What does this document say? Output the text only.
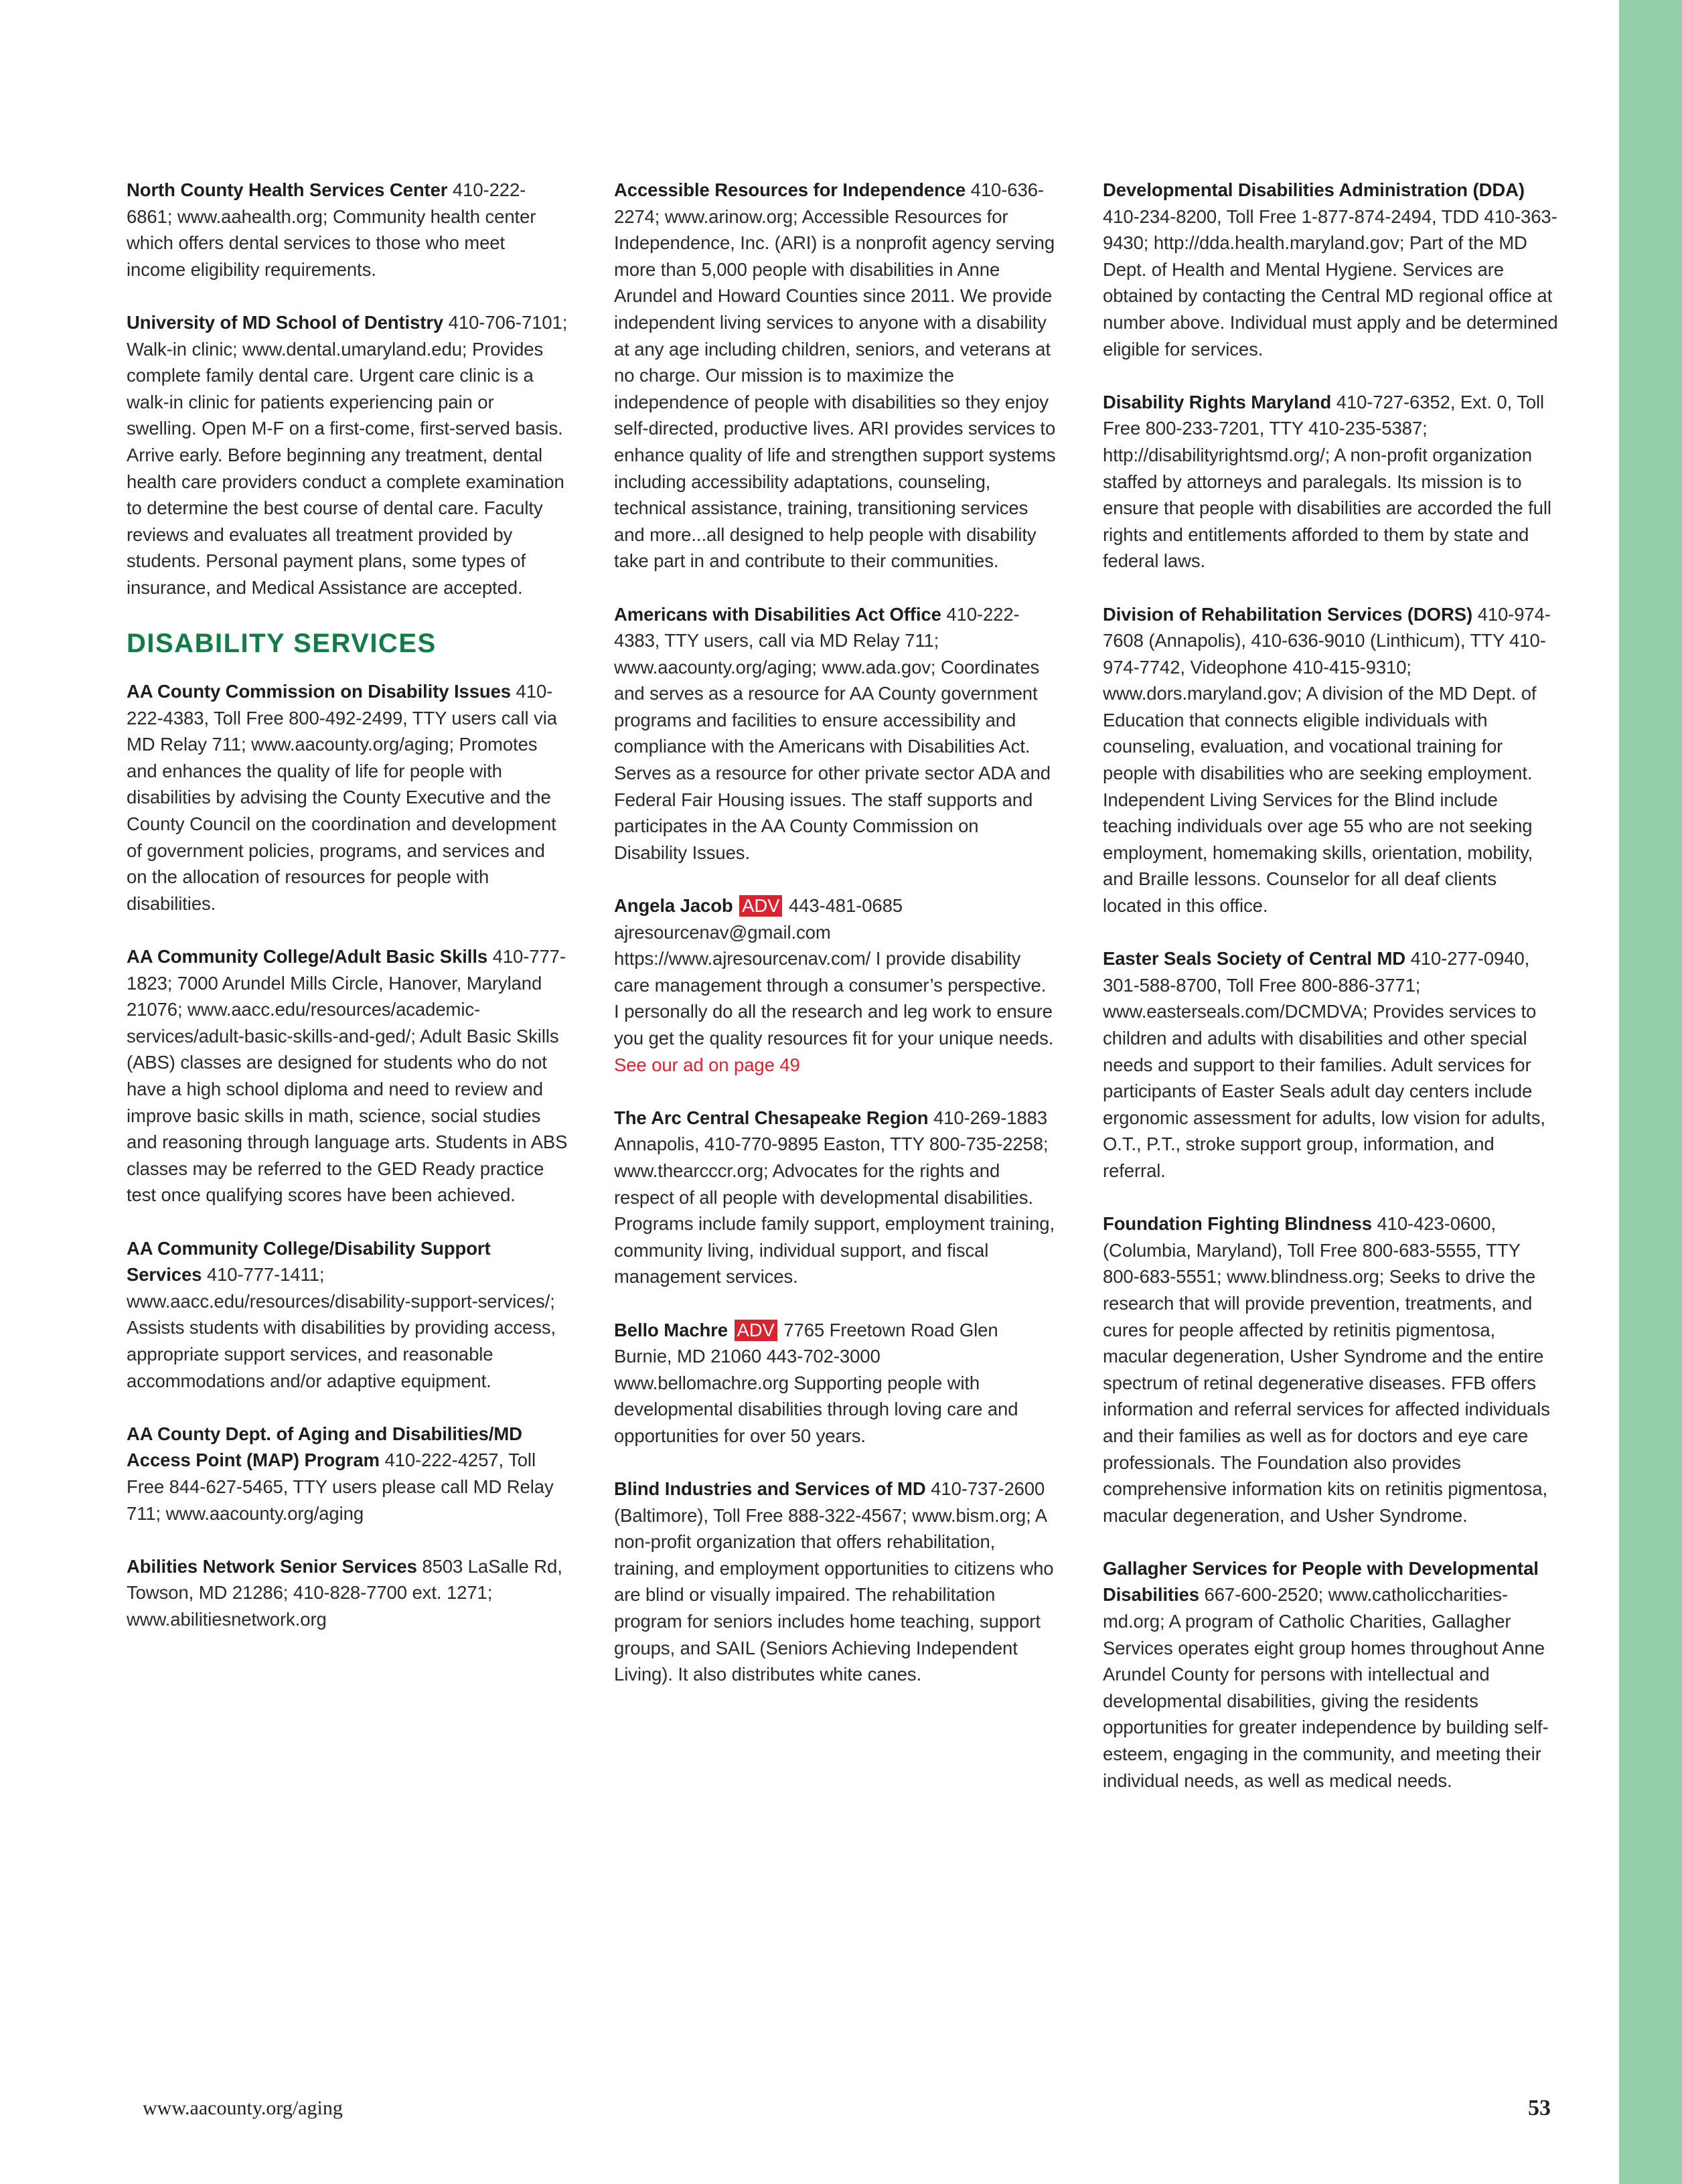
North County Health Services Center 410-222-6861; www.aahealth.org; Community health center which offers dental services to those who meet income eligibility requirements.

University of MD School of Dentistry 410-706-7101; Walk-in clinic; www.dental.umaryland.edu; Provides complete family dental care. Urgent care clinic is a walk-in clinic for patients experiencing pain or swelling. Open M-F on a first-come, first-served basis. Arrive early. Before beginning any treatment, dental health care providers conduct a complete examination to determine the best course of dental care. Faculty reviews and evaluates all treatment provided by students. Personal payment plans, some types of insurance, and Medical Assistance are accepted.

DISABILITY SERVICES

AA County Commission on Disability Issues 410-222-4383, Toll Free 800-492-2499, TTY users call via MD Relay 711; www.aacounty.org/aging; Promotes and enhances the quality of life for people with disabilities by advising the County Executive and the County Council on the coordination and development of government policies, programs, and services and on the allocation of resources for people with disabilities.

AA Community College/Adult Basic Skills 410-777-1823; 7000 Arundel Mills Circle, Hanover, Maryland 21076; www.aacc.edu/resources/academic-services/adult-basic-skills-and-ged/; Adult Basic Skills (ABS) classes are designed for students who do not have a high school diploma and need to review and improve basic skills in math, science, social studies and reasoning through language arts. Students in ABS classes may be referred to the GED Ready practice test once qualifying scores have been achieved.

AA Community College/Disability Support Services 410-777-1411; www.aacc.edu/resources/disability-support-services/; Assists students with disabilities by providing access, appropriate support services, and reasonable accommodations and/or adaptive equipment.

AA County Dept. of Aging and Disabilities/MD Access Point (MAP) Program 410-222-4257, Toll Free 844-627-5465, TTY users please call MD Relay 711; www.aacounty.org/aging

Abilities Network Senior Services 8503 LaSalle Rd, Towson, MD 21286; 410-828-7700 ext. 1271; www.abilitiesnetwork.org

Accessible Resources for Independence 410-636-2274; www.arinow.org; Accessible Resources for Independence, Inc. (ARI) is a nonprofit agency serving more than 5,000 people with disabilities in Anne Arundel and Howard Counties since 2011. We provide independent living services to anyone with a disability at any age including children, seniors, and veterans at no charge. Our mission is to maximize the independence of people with disabilities so they enjoy self-directed, productive lives. ARI provides services to enhance quality of life and strengthen support systems including accessibility adaptations, counseling, technical assistance, training, transitioning services and more...all designed to help people with disability take part in and contribute to their communities.

Americans with Disabilities Act Office 410-222-4383, TTY users, call via MD Relay 711; www.aacounty.org/aging; www.ada.gov; Coordinates and serves as a resource for AA County government programs and facilities to ensure accessibility and compliance with the Americans with Disabilities Act. Serves as a resource for other private sector ADA and Federal Fair Housing issues. The staff supports and participates in the AA County Commission on Disability Issues.

Angela Jacob ADV 443-481-0685 ajresourcenav@gmail.com https://www.ajresourcenav.com/ I provide disability care management through a consumer’s perspective. I personally do all the research and leg work to ensure you get the quality resources fit for your unique needs. See our ad on page 49

The Arc Central Chesapeake Region 410-269-1883 Annapolis, 410-770-9895 Easton, TTY 800-735-2258; www.thearcccr.org; Advocates for the rights and respect of all people with developmental disabilities. Programs include family support, employment training, community living, individual support, and fiscal management services.

Bello Machre ADV 7765 Freetown Road Glen Burnie, MD 21060 443-702-3000 www.bellomachre.org Supporting people with developmental disabilities through loving care and opportunities for over 50 years.

Blind Industries and Services of MD 410-737-2600 (Baltimore), Toll Free 888-322-4567; www.bism.org; A non-profit organization that offers rehabilitation, training, and employment opportunities to citizens who are blind or visually impaired. The rehabilitation program for seniors includes home teaching, support groups, and SAIL (Seniors Achieving Independent Living). It also distributes white canes.

Developmental Disabilities Administration (DDA) 410-234-8200, Toll Free 1-877-874-2494, TDD 410-363-9430; http://dda.health.maryland.gov; Part of the MD Dept. of Health and Mental Hygiene. Services are obtained by contacting the Central MD regional office at number above. Individual must apply and be determined eligible for services.

Disability Rights Maryland 410-727-6352, Ext. 0, Toll Free 800-233-7201, TTY 410-235-5387; http://disabilityrightsmd.org/; A non-profit organization staffed by attorneys and paralegals. Its mission is to ensure that people with disabilities are accorded the full rights and entitlements afforded to them by state and federal laws.

Division of Rehabilitation Services (DORS) 410-974-7608 (Annapolis), 410-636-9010 (Linthicum), TTY 410-974-7742, Videophone 410-415-9310; www.dors.maryland.gov; A division of the MD Dept. of Education that connects eligible individuals with counseling, evaluation, and vocational training for people with disabilities who are seeking employment. Independent Living Services for the Blind include teaching individuals over age 55 who are not seeking employment, homemaking skills, orientation, mobility, and Braille lessons. Counselor for all deaf clients located in this office.

Easter Seals Society of Central MD 410-277-0940, 301-588-8700, Toll Free 800-886-3771; www.easterseals.com/DCMDVA; Provides services to children and adults with disabilities and other special needs and support to their families. Adult services for participants of Easter Seals adult day centers include ergonomic assessment for adults, low vision for adults, O.T., P.T., stroke support group, information, and referral.

Foundation Fighting Blindness 410-423-0600, (Columbia, Maryland), Toll Free 800-683-5555, TTY 800-683-5551; www.blindness.org; Seeks to drive the research that will provide prevention, treatments, and cures for people affected by retinitis pigmentosa, macular degeneration, Usher Syndrome and the entire spectrum of retinal degenerative diseases. FFB offers information and referral services for affected individuals and their families as well as for doctors and eye care professionals. The Foundation also provides comprehensive information kits on retinitis pigmentosa, macular degeneration, and Usher Syndrome.

Gallagher Services for People with Developmental Disabilities 667-600-2520; www.catholiccharities-md.org; A program of Catholic Charities, Gallagher Services operates eight group homes throughout Anne Arundel County for persons with intellectual and developmental disabilities, giving the residents opportunities for greater independence by building self-esteem, engaging in the community, and meeting their individual needs, as well as medical needs.

www.aacounty.org/aging	53
